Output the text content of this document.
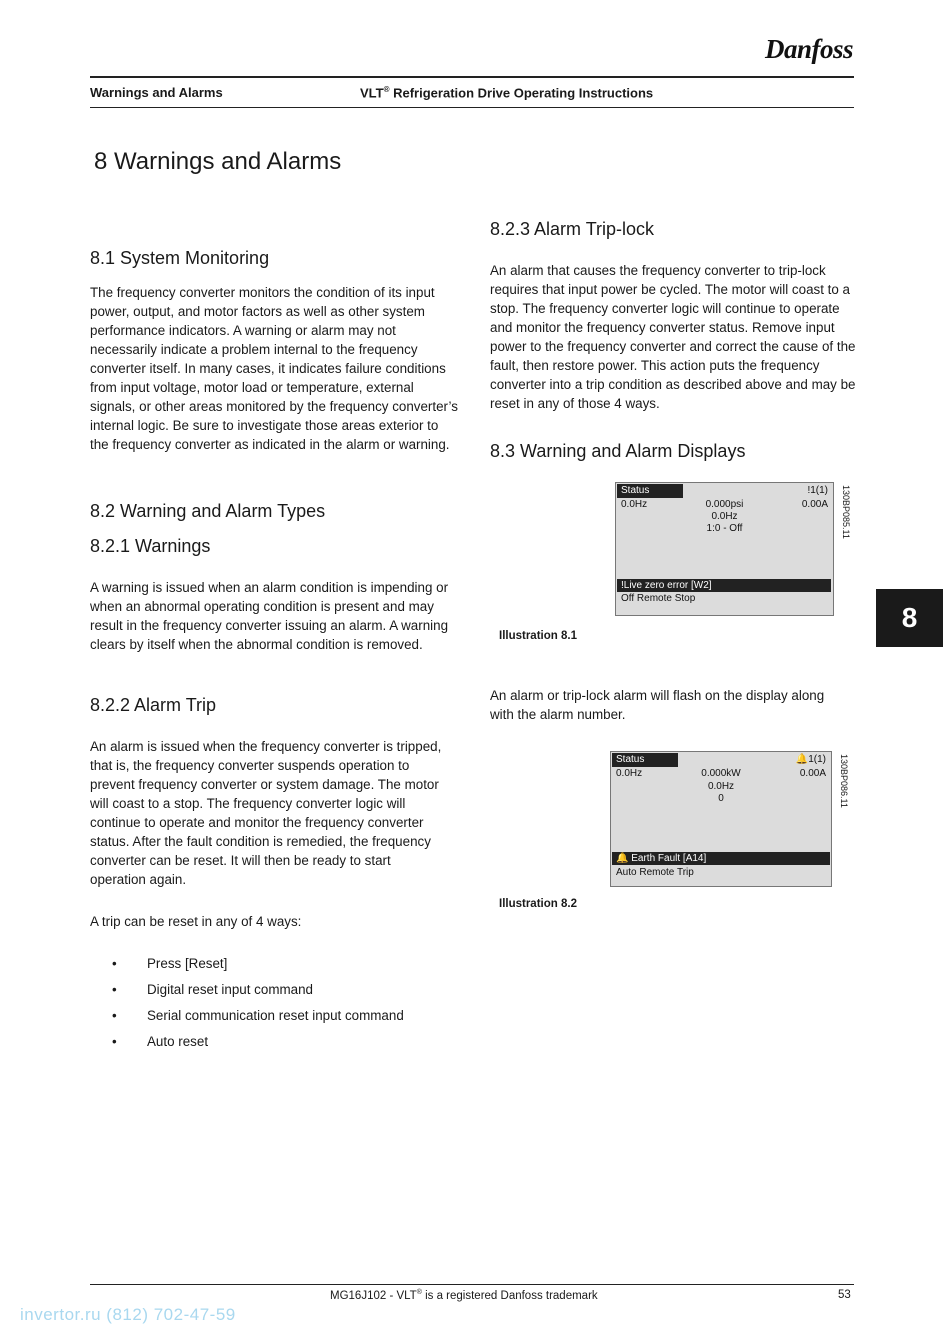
Danfoss
Warnings and Alarms	VLT® Refrigeration Drive Operating Instructions
8 Warnings and Alarms
8.1 System Monitoring

The frequency converter monitors the condition of its input power, output, and motor factors as well as other system performance indicators. A warning or alarm may not necessarily indicate a problem internal to the frequency converter itself. In many cases, it indicates failure conditions from input voltage, motor load or temperature, external signals, or other areas monitored by the frequency converter’s internal logic. Be sure to investigate those areas exterior to the frequency converter as indicated in the alarm or warning.

8.2 Warning and Alarm Types
8.2.1 Warnings

A warning is issued when an alarm condition is impending or when an abnormal operating condition is present and may result in the frequency converter issuing an alarm. A warning clears by itself when the abnormal condition is removed.

8.2.2 Alarm Trip

An alarm is issued when the frequency converter is tripped, that is, the frequency converter suspends operation to prevent frequency converter or system damage. The motor will coast to a stop. The frequency converter logic will continue to operate and monitor the frequency converter status. After the fault condition is remedied, the frequency converter can be reset. It will then be ready to start operation again.

A trip can be reset in any of 4 ways:

• Press [Reset]
• Digital reset input command
• Serial communication reset input command
• Auto reset
8.2.3 Alarm Trip-lock

An alarm that causes the frequency converter to trip-lock requires that input power be cycled. The motor will coast to a stop. The frequency converter logic will continue to operate and monitor the frequency converter status. Remove input power to the frequency converter and correct the cause of the fault, then restore power. This action puts the frequency converter into a trip condition as described above and may be reset in any of those 4 ways.

8.3 Warning and Alarm Displays
Status	!1(1)
0.0Hz	0.000psi
0.0Hz
1:0 - Off
0.00A
!Live zero error [W2]
Off Remote Stop
130BP085.11
Illustration 8.1

An alarm or trip-lock alarm will flash on the display along with the alarm number.

Status	🔔1(1)
0.0Hz	0.000kW
0.0Hz
0
0.00A
🔔 Earth Fault [A14]
Auto Remote Trip
130BP086.11
Illustration 8.2
8
MG16J102 - VLT® is a registered Danfoss trademark	53
invertor.ru (812) 702-47-59
